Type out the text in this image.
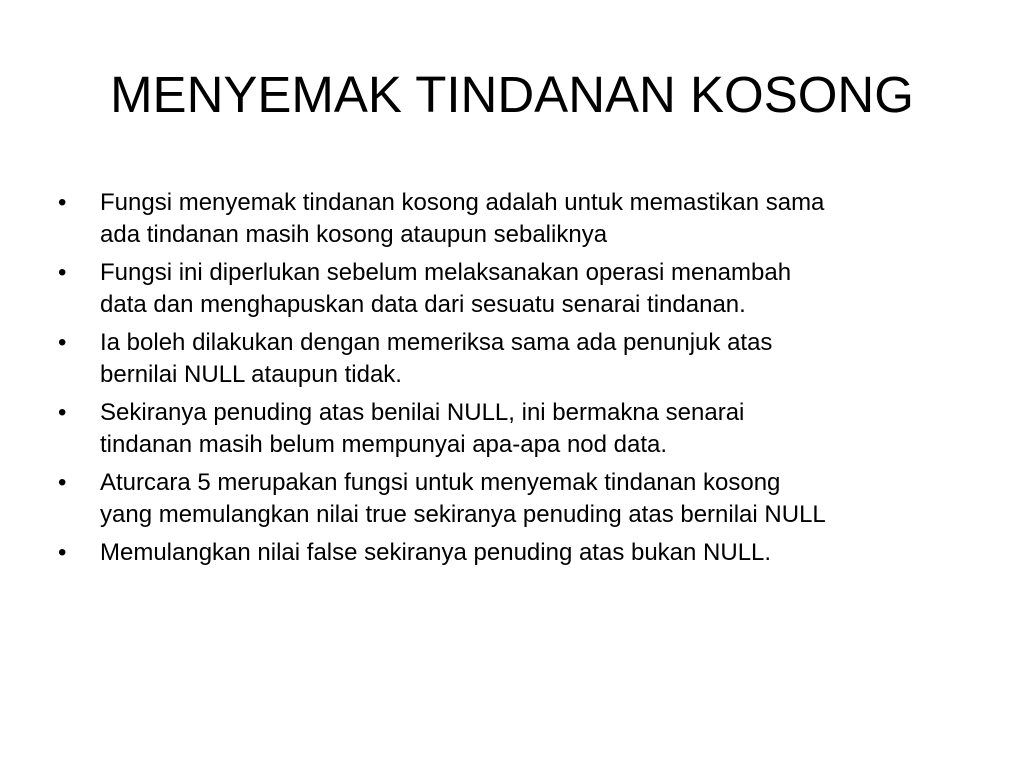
MENYEMAK TINDANAN KOSONG
•	Fungsi menyemak tindanan kosong adalah untuk memastikan sama
ada tindanan masih kosong ataupun sebaliknya
•	Fungsi ini diperlukan sebelum melaksanakan operasi menambah
data dan menghapuskan data dari sesuatu senarai tindanan.
•	Ia boleh dilakukan dengan memeriksa sama ada penunjuk atas
bernilai NULL ataupun tidak.
•	Sekiranya penuding atas benilai NULL, ini bermakna senarai
tindanan masih belum mempunyai apa-apa nod data.
•	Aturcara 5 merupakan fungsi untuk menyemak tindanan kosong
yang memulangkan nilai true sekiranya penuding atas bernilai NULL
•	Memulangkan nilai false sekiranya penuding atas bukan NULL.
